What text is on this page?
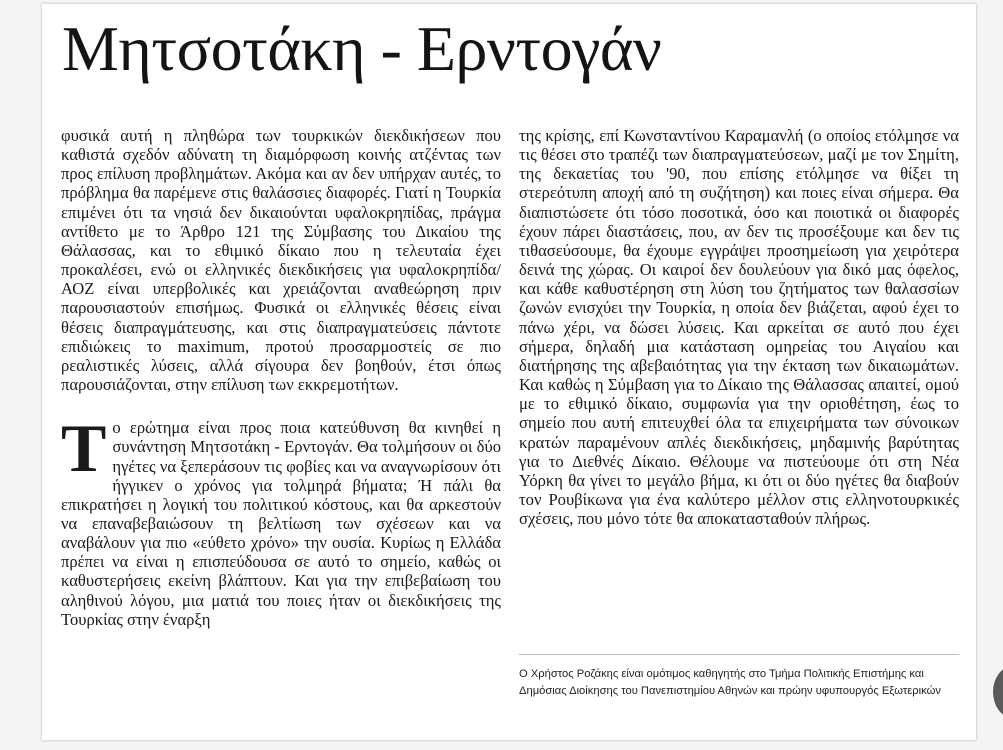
Μητσοτάκη - Ερντογάν

φυσικά αυτή η πληθώρα των τουρκικών διεκδικήσεων που καθιστά σχεδόν αδύνατη τη διαμόρφωση κοινής ατζέντας των προς επίλυση προβλημάτων. Ακόμα και αν δεν υπήρχαν αυτές, το πρόβλημα θα παρέμενε στις θαλάσσιες διαφορές. Γιατί η Τουρκία επιμένει ότι τα νησιά δεν δικαιούνται υφαλοκρηπίδας, πράγμα αντίθετο με το Άρθρο 121 της Σύμβασης του Δικαίου της Θάλασσας, και το εθιμικό δίκαιο που η τελευταία έχει προκαλέσει, ενώ οι ελληνικές διεκδικήσεις για υφαλοκρηπίδα/ΑΟΖ είναι υπερβολικές και χρειάζονται αναθεώρηση πριν παρουσιαστούν επισήμως. Φυσικά οι ελληνικές θέσεις είναι θέσεις διαπραγμάτευσης, και στις διαπραγματεύσεις πάντοτε επιδιώκεις το maximum, προτού προσαρμοστείς σε πιο ρεαλιστικές λύσεις, αλλά σίγουρα δεν βοηθούν, έτσι όπως παρουσιάζονται, στην επίλυση των εκκρεμοτήτων.

Το ερώτημα είναι προς ποια κατεύθυνση θα κινηθεί η συνάντηση Μητσοτάκη - Ερντογάν. Θα τολμήσουν οι δύο ηγέτες να ξεπεράσουν τις φοβίες και να αναγνωρίσουν ότι ήγγικεν ο χρόνος για τολμηρά βήματα; Ή πάλι θα επικρατήσει η λογική του πολιτικού κόστους, και θα αρκεστούν να επαναβεβαιώσουν τη βελτίωση των σχέσεων και να αναβάλουν για πιο «εύθετο χρόνο» την ουσία. Κυρίως η Ελλάδα πρέπει να είναι η επισπεύδουσα σε αυτό το σημείο, καθώς οι καθυστερήσεις εκείνη βλάπτουν. Και για την επιβεβαίωση του αληθινού λόγου, μια ματιά του ποιες ήταν οι διεκδικήσεις της Τουρκίας στην έναρξη

της κρίσης, επί Κωνσταντίνου Καραμανλή (ο οποίος ετόλμησε να τις θέσει στο τραπέζι των διαπραγματεύσεων, μαζί με τον Σημίτη, της δεκαετίας του '90, που επίσης ετόλμησε να θίξει τη στερεότυπη αποχή από τη συζήτηση) και ποιες είναι σήμερα. Θα διαπιστώσετε ότι τόσο ποσοτικά, όσο και ποιοτικά οι διαφορές έχουν πάρει διαστάσεις, που, αν δεν τις προσέξουμε και δεν τις τιθασεύσουμε, θα έχουμε εγγράψει προσημείωση για χειρότερα δεινά της χώρας. Οι καιροί δεν δουλεύουν για δικό μας όφελος, και κάθε καθυστέρηση στη λύση του ζητήματος των θαλασσίων ζωνών ενισχύει την Τουρκία, η οποία δεν βιάζεται, αφού έχει το πάνω χέρι, να δώσει λύσεις. Και αρκείται σε αυτό που έχει σήμερα, δηλαδή μια κατάσταση ομηρείας του Αιγαίου και διατήρησης της αβεβαιότητας για την έκταση των δικαιωμάτων. Και καθώς η Σύμβαση για το Δίκαιο της Θάλασσας απαιτεί, ομού με το εθιμικό δίκαιο, συμφωνία για την οριοθέτηση, έως το σημείο που αυτή επιτευχθεί όλα τα επιχειρήματα των σύνοικων κρατών παραμένουν απλές διεκδικήσεις, μηδαμινής βαρύτητας για το Διεθνές Δίκαιο. Θέλουμε να πιστεύουμε ότι στη Νέα Υόρκη θα γίνει το μεγάλο βήμα, κι ότι οι δύο ηγέτες θα διαβούν τον Ρουβίκωνα για ένα καλύτερο μέλλον στις ελληνοτουρκικές σχέσεις, που μόνο τότε θα αποκατασταθούν πλήρως.

Ο Χρήστος Ροζάκης είναι ομότιμος καθηγητής στο Τμήμα Πολιτικής Επιστήμης και Δημόσιας Διοίκησης του Πανεπιστημίου Αθηνών και πρώην υφυπουργός Εξωτερικών
